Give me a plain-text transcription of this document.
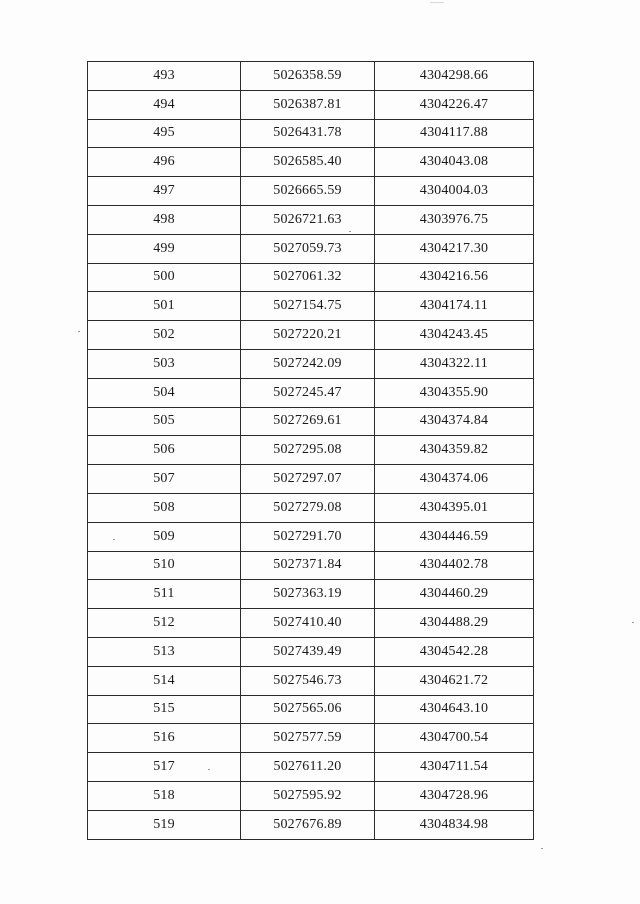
493	5026358.59	4304298.66
494	5026387.81	4304226.47
495	5026431.78	4304117.88
496	5026585.40	4304043.08
497	5026665.59	4304004.03
498	5026721.63	4303976.75
499	5027059.73	4304217.30
500	5027061.32	4304216.56
501	5027154.75	4304174.11
502	5027220.21	4304243.45
503	5027242.09	4304322.11
504	5027245.47	4304355.90
505	5027269.61	4304374.84
506	5027295.08	4304359.82
507	5027297.07	4304374.06
508	5027279.08	4304395.01
509	5027291.70	4304446.59
510	5027371.84	4304402.78
511	5027363.19	4304460.29
512	5027410.40	4304488.29
513	5027439.49	4304542.28
514	5027546.73	4304621.72
515	5027565.06	4304643.10
516	5027577.59	4304700.54
517	5027611.20	4304711.54
518	5027595.92	4304728.96
519	5027676.89	4304834.98
